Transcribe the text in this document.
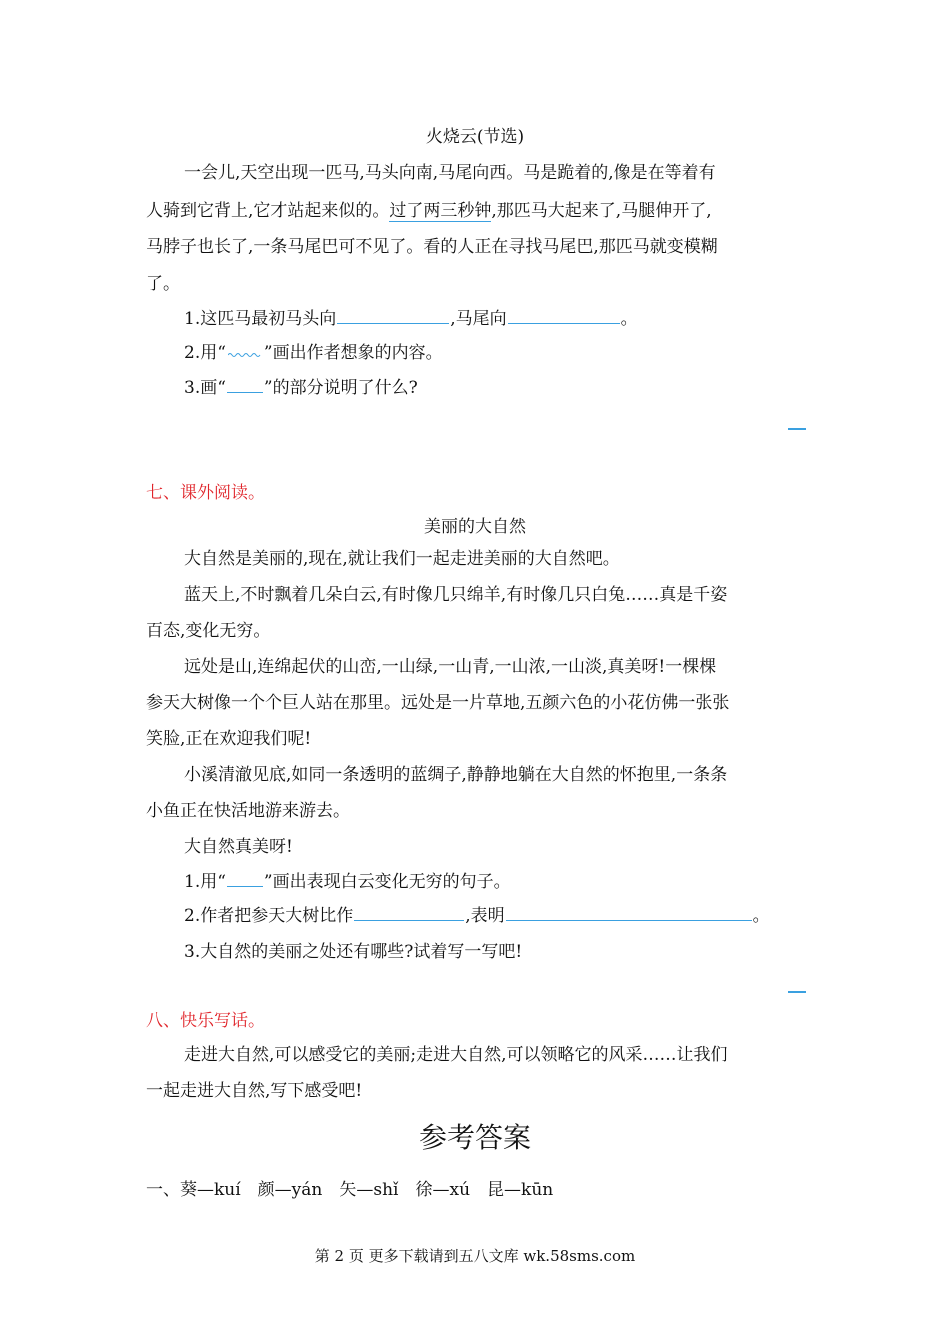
火烧云(节选)
一会儿,天空出现一匹马,马头向南,马尾向西。马是跪着的,像是在等着有
人骑到它背上,它才站起来似的。过了两三秒钟,那匹马大起来了,马腿伸开了,
马脖子也长了,一条马尾巴可不见了。看的人正在寻找马尾巴,那匹马就变模糊
了。
1.这匹马最初马头向	,马尾向	。
2.用“ ”画出作者想象的内容。
3.画“ ”的部分说明了什么?
七、课外阅读。
美丽的大自然
大自然是美丽的,现在,就让我们一起走进美丽的大自然吧。
蓝天上,不时飘着几朵白云,有时像几只绵羊,有时像几只白兔……真是千姿
百态,变化无穷。
远处是山,连绵起伏的山峦,一山绿,一山青,一山浓,一山淡,真美呀!一棵棵
参天大树像一个个巨人站在那里。远处是一片草地,五颜六色的小花仿佛一张张
笑脸,正在欢迎我们呢!
小溪清澈见底,如同一条透明的蓝绸子,静静地躺在大自然的怀抱里,一条条
小鱼正在快活地游来游去。
大自然真美呀!
1.用“ ”画出表现白云变化无穷的句子。
2.作者把参天大树比作	,表明	。
3.大自然的美丽之处还有哪些?试着写一写吧!
八、快乐写话。
走进大自然,可以感受它的美丽;走进大自然,可以领略它的风采……让我们
一起走进大自然,写下感受吧!
参考答案
一、葵—kuí　颜—yán　矢—shǐ　徐—xú　昆—kūn
第 2 页 更多下载请到五八文库 wk.58sms.com
